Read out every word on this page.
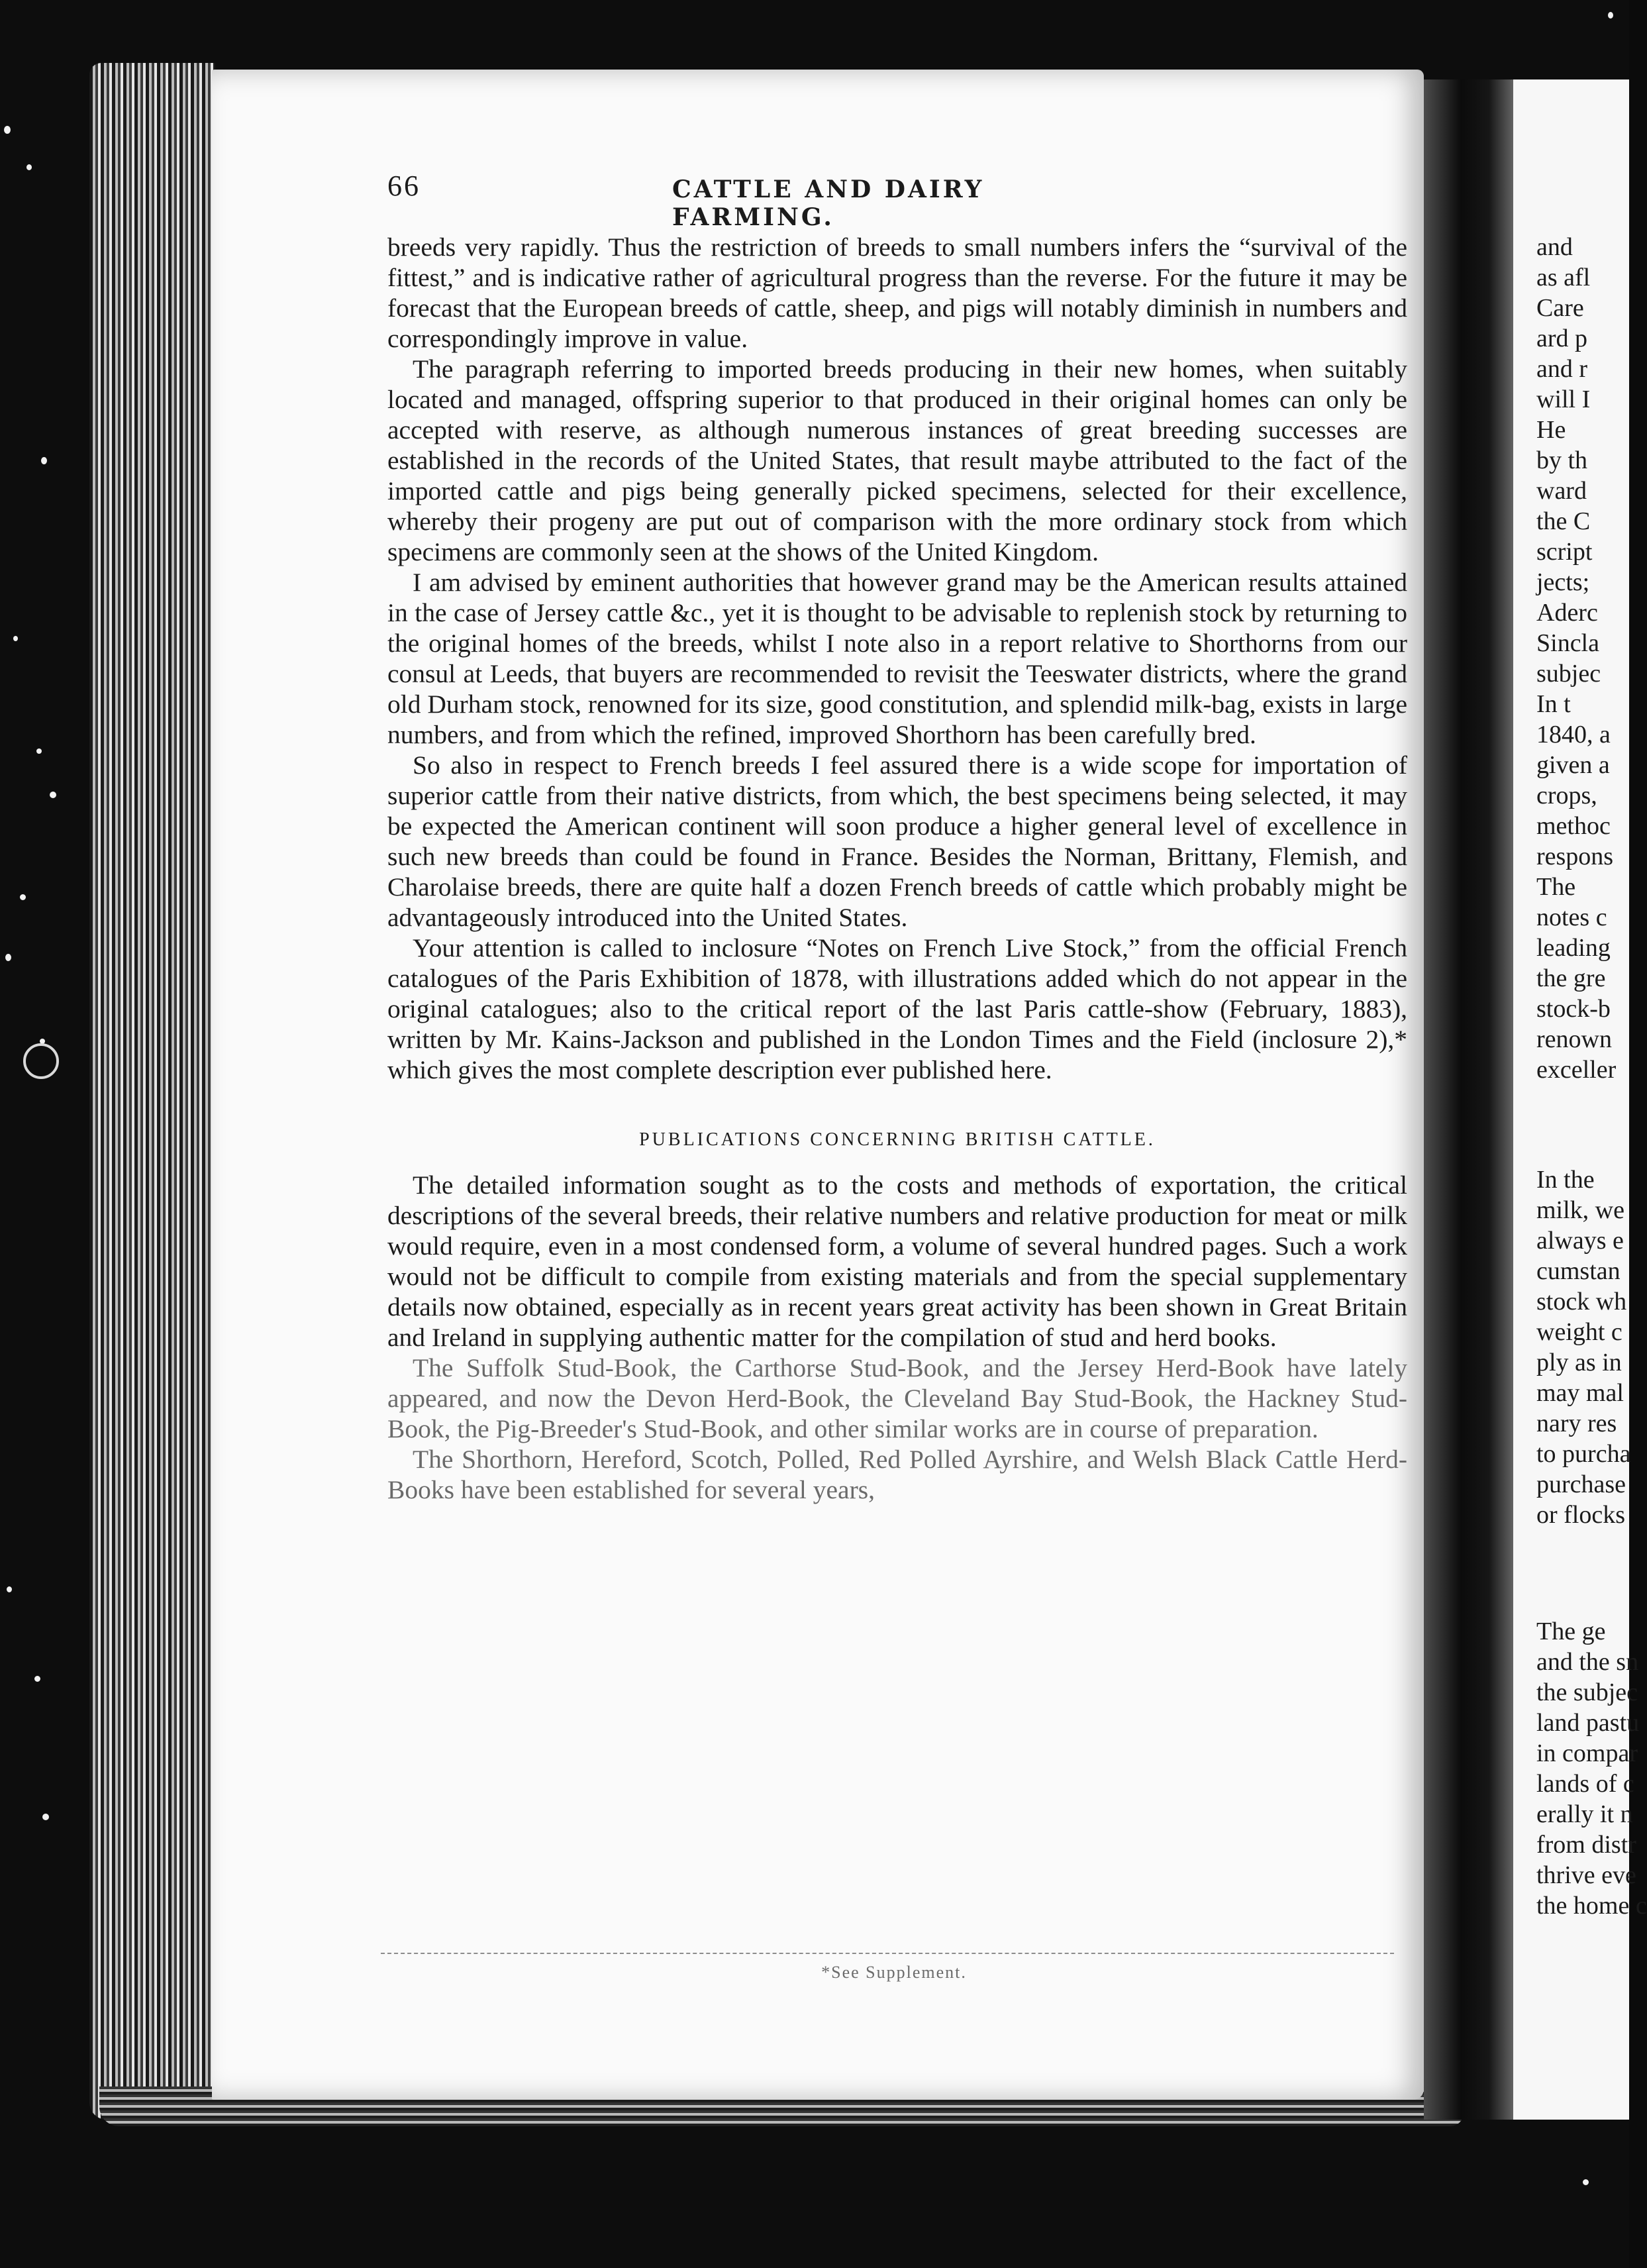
66	CATTLE AND DAIRY FARMING.

breeds very rapidly. Thus the restriction of breeds to small numbers infers the “survival of the fittest,” and is indicative rather of agricultural progress than the reverse. For the future it may be forecast that the European breeds of cattle, sheep, and pigs will notably diminish in numbers and correspondingly improve in value.

The paragraph referring to imported breeds producing in their new homes, when suitably located and managed, offspring superior to that produced in their original homes can only be accepted with reserve, as although numerous instances of great breeding successes are established in the records of the United States, that result maybe attributed to the fact of the imported cattle and pigs being generally picked specimens, selected for their excellence, whereby their progeny are put out of comparison with the more ordinary stock from which specimens are commonly seen at the shows of the United Kingdom.

I am advised by eminent authorities that however grand may be the American results attained in the case of Jersey cattle &c., yet it is thought to be advisable to replenish stock by returning to the original homes of the breeds, whilst I note also in a report relative to Shorthorns from our consul at Leeds, that buyers are recommended to revisit the Teeswater districts, where the grand old Durham stock, renowned for its size, good constitution, and splendid milk-bag, exists in large numbers, and from which the refined, improved Shorthorn has been carefully bred.

So also in respect to French breeds I feel assured there is a wide scope for importation of superior cattle from their native districts, from which, the best specimens being selected, it may be expected the American continent will soon produce a higher general level of excellence in such new breeds than could be found in France. Besides the Norman, Brittany, Flemish, and Charolaise breeds, there are quite half a dozen French breeds of cattle which probably might be advantageously introduced into the United States.

Your attention is called to inclosure “Notes on French Live Stock,” from the official French catalogues of the Paris Exhibition of 1878, with illustrations added which do not appear in the original catalogues; also to the critical report of the last Paris cattle-show (February, 1883), written by Mr. Kains-Jackson and published in the London Times and the Field (inclosure 2),* which gives the most complete description ever published here.

PUBLICATIONS CONCERNING BRITISH CATTLE.

The detailed information sought as to the costs and methods of exportation, the critical descriptions of the several breeds, their relative numbers and relative production for meat or milk would require, even in a most condensed form, a volume of several hundred pages. Such a work would not be difficult to compile from existing materials and from the special supplementary details now obtained, especially as in recent years great activity has been shown in Great Britain and Ireland in supplying authentic matter for the compilation of stud and herd books.

The Suffolk Stud-Book, the Carthorse Stud-Book, and the Jersey Herd-Book have lately appeared, and now the Devon Herd-Book, the Cleveland Bay Stud-Book, the Hackney Stud-Book, the Pig-Breeder's Stud-Book, and other similar works are in course of preparation.

The Shorthorn, Hereford, Scotch, Polled, Red Polled Ayrshire, and Welsh Black Cattle Herd-Books have been established for several years,

*See Supplement.
and
as afl
Care
ard p
and r
will I
He
by th
ward
the C
script
jects;
Aderc
Sincla
subjec
In t
1840, a
given a
crops,
methoc
respons
The
notes c
leading
the gre
stock-b
renown
exceller
In the
milk, we
always e
cumstan
stock wh
weight c
ply as in
may mal
nary res
to purcha
purchase
or flocks
The ge
and the sn
the subjec
land pastu
in compar
lands of c
erally it n
from distr
thrive eve
the home c
